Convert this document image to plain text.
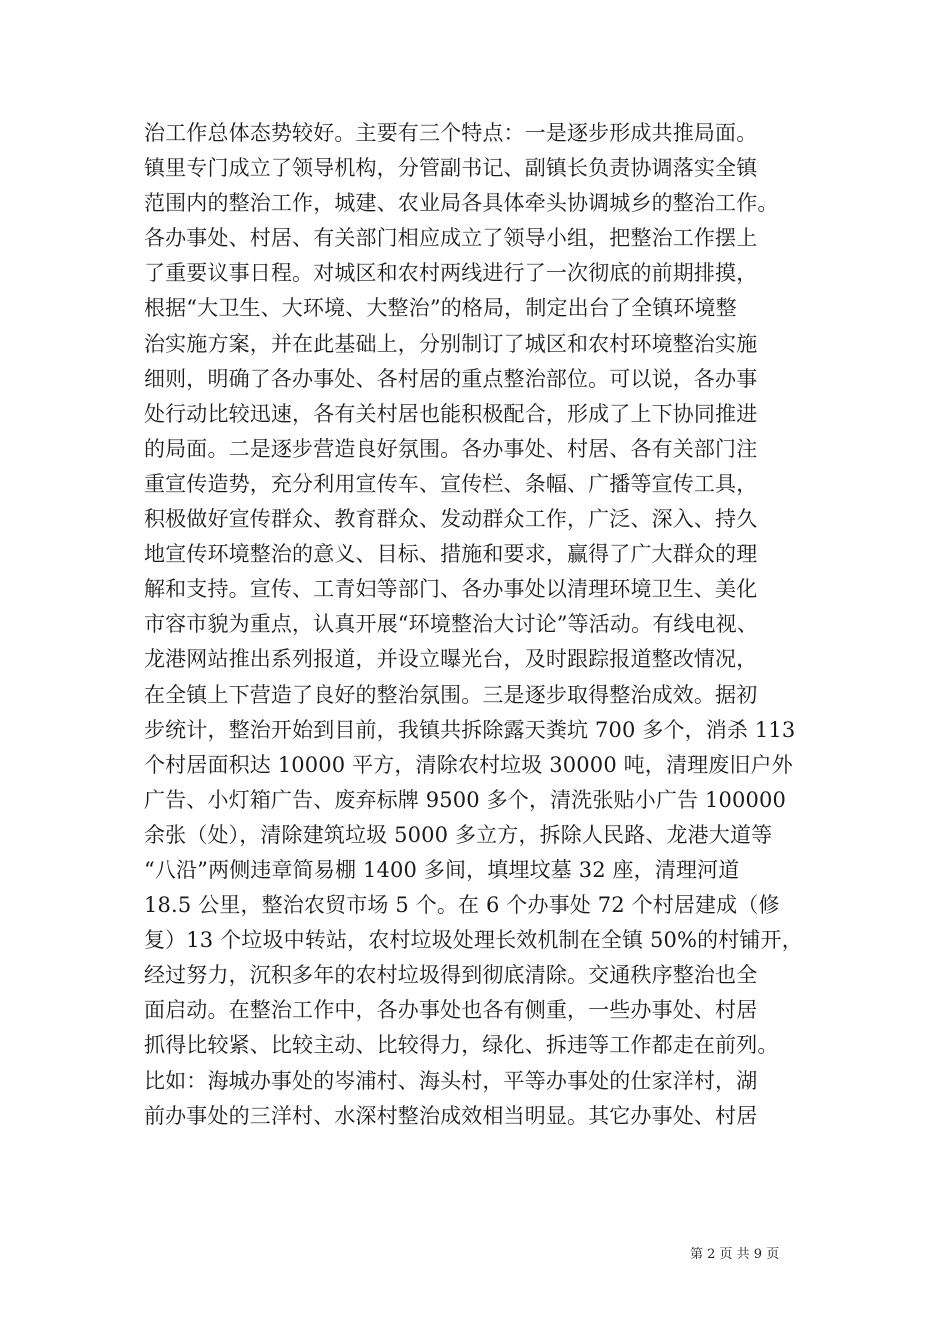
治工作总体态势较好。主要有三个特点：一是逐步形成共推局面。
镇里专门成立了领导机构，分管副书记、副镇长负责协调落实全镇
范围内的整治工作，城建、农业局各具体牵头协调城乡的整治工作。
各办事处、村居、有关部门相应成立了领导小组，把整治工作摆上
了重要议事日程。对城区和农村两线进行了一次彻底的前期排摸，
根据“大卫生、大环境、大整治”的格局，制定出台了全镇环境整
治实施方案，并在此基础上，分别制订了城区和农村环境整治实施
细则，明确了各办事处、各村居的重点整治部位。可以说，各办事
处行动比较迅速，各有关村居也能积极配合，形成了上下协同推进
的局面。二是逐步营造良好氛围。各办事处、村居、各有关部门注
重宣传造势，充分利用宣传车、宣传栏、条幅、广播等宣传工具，
积极做好宣传群众、教育群众、发动群众工作，广泛、深入、持久
地宣传环境整治的意义、目标、措施和要求，赢得了广大群众的理
解和支持。宣传、工青妇等部门、各办事处以清理环境卫生、美化
市容市貌为重点，认真开展“环境整治大讨论”等活动。有线电视、
龙港网站推出系列报道，并设立曝光台，及时跟踪报道整改情况，
在全镇上下营造了良好的整治氛围。三是逐步取得整治成效。据初
步统计，整治开始到目前，我镇共拆除露天粪坑 700 多个，消杀 113
个村居面积达 10000 平方，清除农村垃圾 30000 吨，清理废旧户外
广告、小灯箱广告、废弃标牌 9500 多个，清洗张贴小广告 100000
余张（处），清除建筑垃圾 5000 多立方，拆除人民路、龙港大道等
“八沿”两侧违章简易棚 1400 多间，填埋坟墓 32 座，清理河道
18.5 公里，整治农贸市场 5 个。在 6 个办事处 72 个村居建成（修
复）13 个垃圾中转站，农村垃圾处理长效机制在全镇 50%的村铺开，
经过努力，沉积多年的农村垃圾得到彻底清除。交通秩序整治也全
面启动。在整治工作中，各办事处也各有侧重，一些办事处、村居
抓得比较紧、比较主动、比较得力，绿化、拆违等工作都走在前列。
比如：海城办事处的岑浦村、海头村，平等办事处的仕家洋村，湖
前办事处的三洋村、水深村整治成效相当明显。其它办事处、村居
第 2 页 共 9 页
